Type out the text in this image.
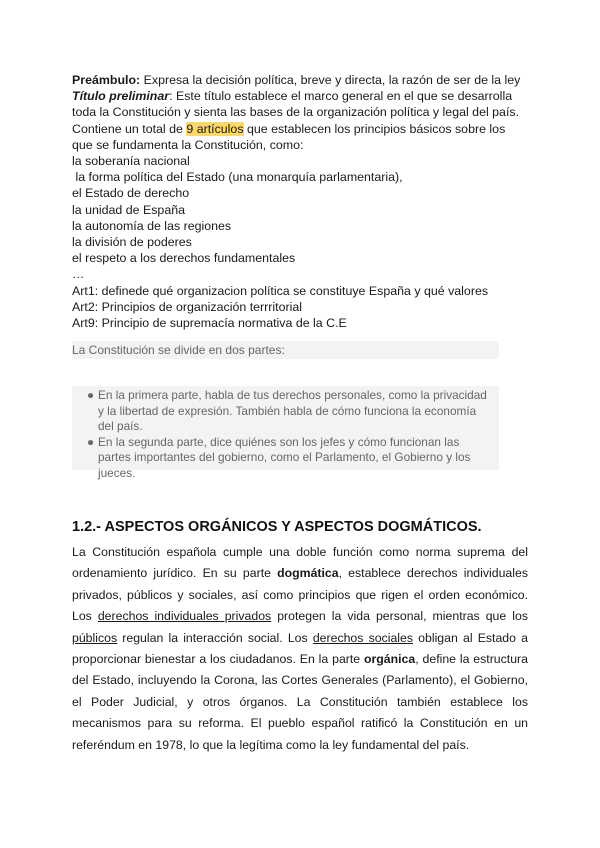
Preámbulo: Expresa la decisión política, breve y directa, la razón de ser de la ley
Título preliminar: Este título establece el marco general en el que se desarrolla toda la Constitución y sienta las bases de la organización política y legal del país.
Contiene un total de 9 artículos que establecen los principios básicos sobre los que se fundamenta la Constitución, como:
la soberanía nacional
la forma política del Estado (una monarquía parlamentaria),
el Estado de derecho
la unidad de España
la autonomía de las regiones
la división de poderes
el respeto a los derechos fundamentales
…
Art1: definede qué organizacion política se constituye España y qué valores
Art2: Principios de organización terrritorial
Art9: Principio de supremacía normativa de la C.E
La Constitución se divide en dos partes:
● En la primera parte, habla de tus derechos personales, como la privacidad y la libertad de expresión. También habla de cómo funciona la economía del país.
● En la segunda parte, dice quiénes son los jefes y cómo funcionan las partes importantes del gobierno, como el Parlamento, el Gobierno y los jueces.
1.2.- ASPECTOS ORGÁNICOS Y ASPECTOS DOGMÁTICOS.
La Constitución española cumple una doble función como norma suprema del ordenamiento jurídico. En su parte dogmática, establece derechos individuales privados, públicos y sociales, así como principios que rigen el orden económico. Los derechos individuales privados protegen la vida personal, mientras que los públicos regulan la interacción social. Los derechos sociales obligan al Estado a proporcionar bienestar a los ciudadanos. En la parte orgánica, define la estructura del Estado, incluyendo la Corona, las Cortes Generales (Parlamento), el Gobierno, el Poder Judicial, y otros órganos. La Constitución también establece los mecanismos para su reforma. El pueblo español ratificó la Constitución en un referéndum en 1978, lo que la legítima como la ley fundamental del país.
